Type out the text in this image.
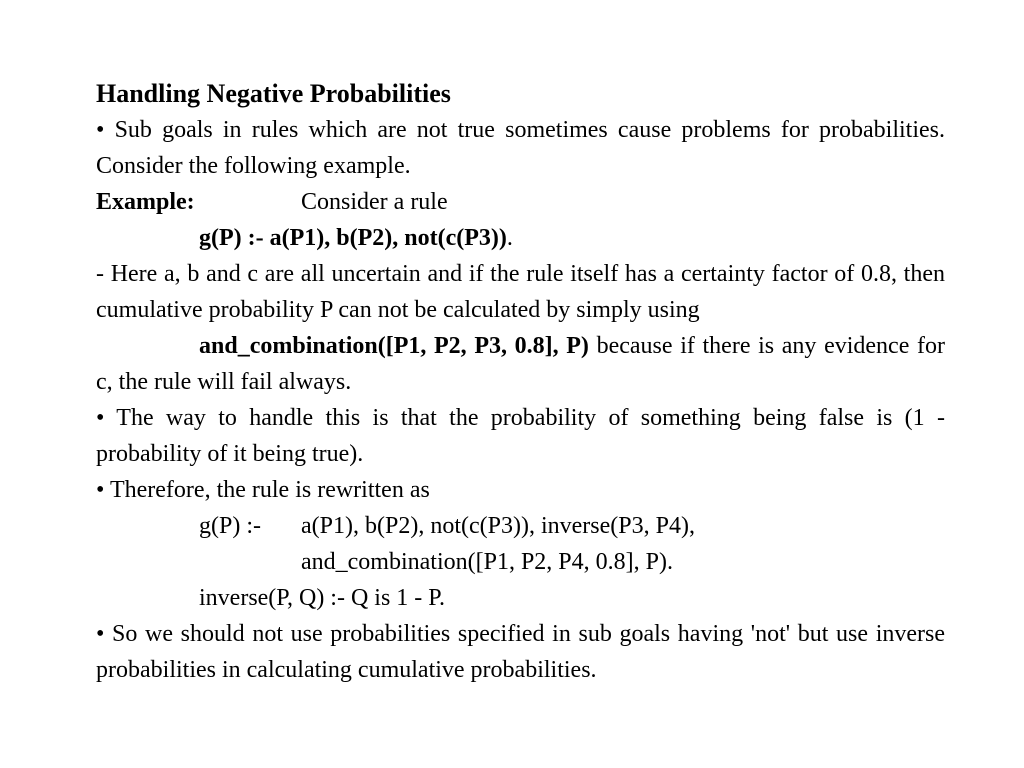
Handling Negative Probabilities

• Sub goals in rules which are not true sometimes cause problems for probabilities. Consider the following example.

Example:	Consider a rule

g(P) :- a(P1), b(P2), not(c(P3)).

- Here a, b and c are all uncertain and if the rule itself has a certainty factor of 0.8, then cumulative probability P can not be calculated by simply using

and_combination([P1, P2, P3, 0.8], P) because if there is any evidence for c, the rule will fail always.

• The way to handle this is that the probability of something being false is (1 - probability of it being true).

• Therefore, the rule is rewritten as

g(P) :- a(P1), b(P2), not(c(P3)), inverse(P3, P4),

and_combination([P1, P2, P4, 0.8], P).

inverse(P, Q) :- Q is 1 - P.

• So we should not use probabilities specified in sub goals having 'not' but use inverse probabilities in calculating cumulative probabilities.
